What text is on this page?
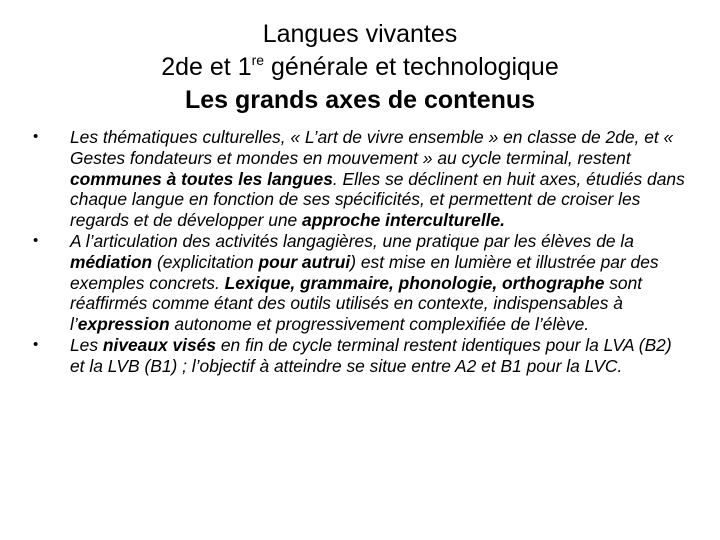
Langues vivantes
2de et 1re générale et technologique
Les grands axes de contenus
• Les thématiques culturelles, « L’art de vivre ensemble » en classe de 2de, et « Gestes fondateurs et mondes en mouvement » au cycle terminal, restent communes à toutes les langues. Elles se déclinent en huit axes, étudiés dans chaque langue en fonction de ses spécificités, et permettent de croiser les regards et de développer une approche interculturelle.
• A l’articulation des activités langagières, une pratique par les élèves de la médiation (explicitation pour autrui) est mise en lumière et illustrée par des exemples concrets. Lexique, grammaire, phonologie, orthographe sont réaffirmés comme étant des outils utilisés en contexte, indispensables à l’expression autonome et progressivement complexifiée de l’élève.
• Les niveaux visés en fin de cycle terminal restent identiques pour la LVA (B2) et la LVB (B1) ; l’objectif à atteindre se situe entre A2 et B1 pour la LVC.
